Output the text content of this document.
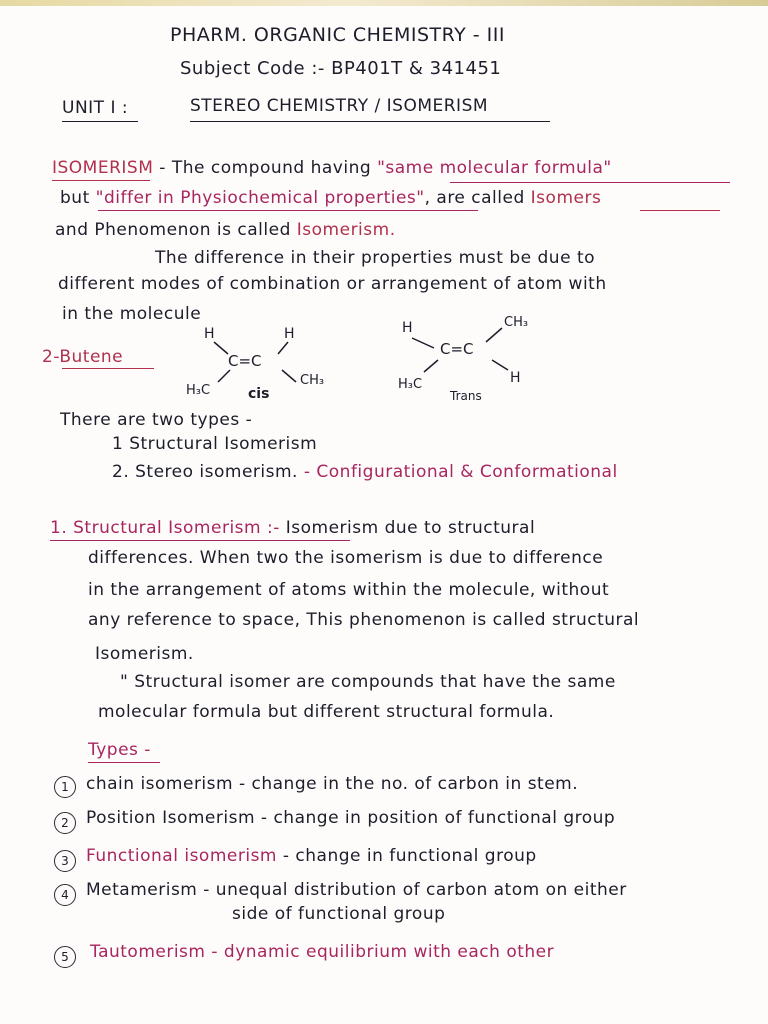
PHARM. ORGANIC CHEMISTRY - III
Subject Code :- BP401T & 341451
UNIT I :	STEREO CHEMISTRY / ISOMERISM
ISOMERISM - The compound having "same molecular formula"
but "differ in Physiochemical properties", are called Isomers
and Phenomenon is called Isomerism.
The difference in their properties must be due to
different modes of combination or arrangement of atom with
in the molecule
2-Butene
H	H
C=C
H₃C
CH₃
cis
H	CH₃
C=C
H₃C	H
Trans
There are two types -
1 Structural Isomerism
2. Stereo isomerism. - Configurational & Conformational
1. Structural Isomerism :- Isomerism due to structural
differences. When two the isomerism is due to difference
in the arrangement of atoms within the molecule, without
any reference to space, This phenomenon is called structural
Isomerism.
" Structural isomer are compounds that have the same
molecular formula but different structural formula.
Types -
1	chain isomerism - change in the no. of carbon in stem.
2	Position Isomerism - change in position of functional group
3	Functional isomerism - change in functional group
4	Metamerism - unequal distribution of carbon atom on either
side of functional group
5	Tautomerism - dynamic equilibrium with each other
